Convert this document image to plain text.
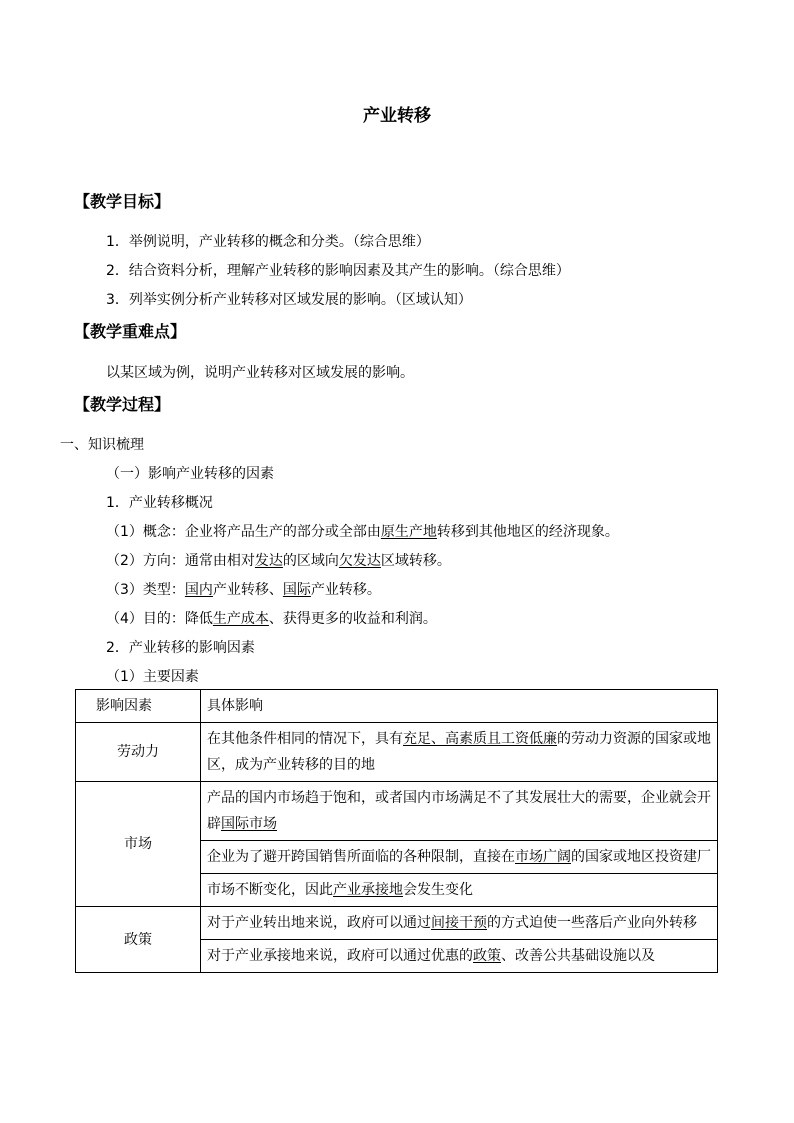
产业转移
【教学目标】
1．举例说明，产业转移的概念和分类。（综合思维）
2．结合资料分析，理解产业转移的影响因素及其产生的影响。（综合思维）
3．列举实例分析产业转移对区域发展的影响。（区域认知）
【教学重难点】
以某区域为例，说明产业转移对区域发展的影响。
【教学过程】
一、知识梳理
（一）影响产业转移的因素
1．产业转移概况
（1）概念：企业将产品生产的部分或全部由原生产地转移到其他地区的经济现象。
（2）方向：通常由相对发达的区域向欠发达区域转移。
（3）类型：国内产业转移、国际产业转移。
（4）目的：降低生产成本、获得更多的收益和利润。
2．产业转移的影响因素
（1）主要因素
影响因素	具体影响
劳动力	在其他条件相同的情况下，具有充足、高素质且工资低廉的劳动力资源的国家或地区，成为产业转移的目的地
市场	产品的国内市场趋于饱和，或者国内市场满足不了其发展壮大的需要，企业就会开辟国际市场
	企业为了避开跨国销售所面临的各种限制，直接在市场广阔的国家或地区投资建厂
	市场不断变化，因此产业承接地会发生变化
政策	对于产业转出地来说，政府可以通过间接干预的方式迫使一些落后产业向外转移
	对于产业承接地来说，政府可以通过优惠的政策、改善公共基础设施以及
